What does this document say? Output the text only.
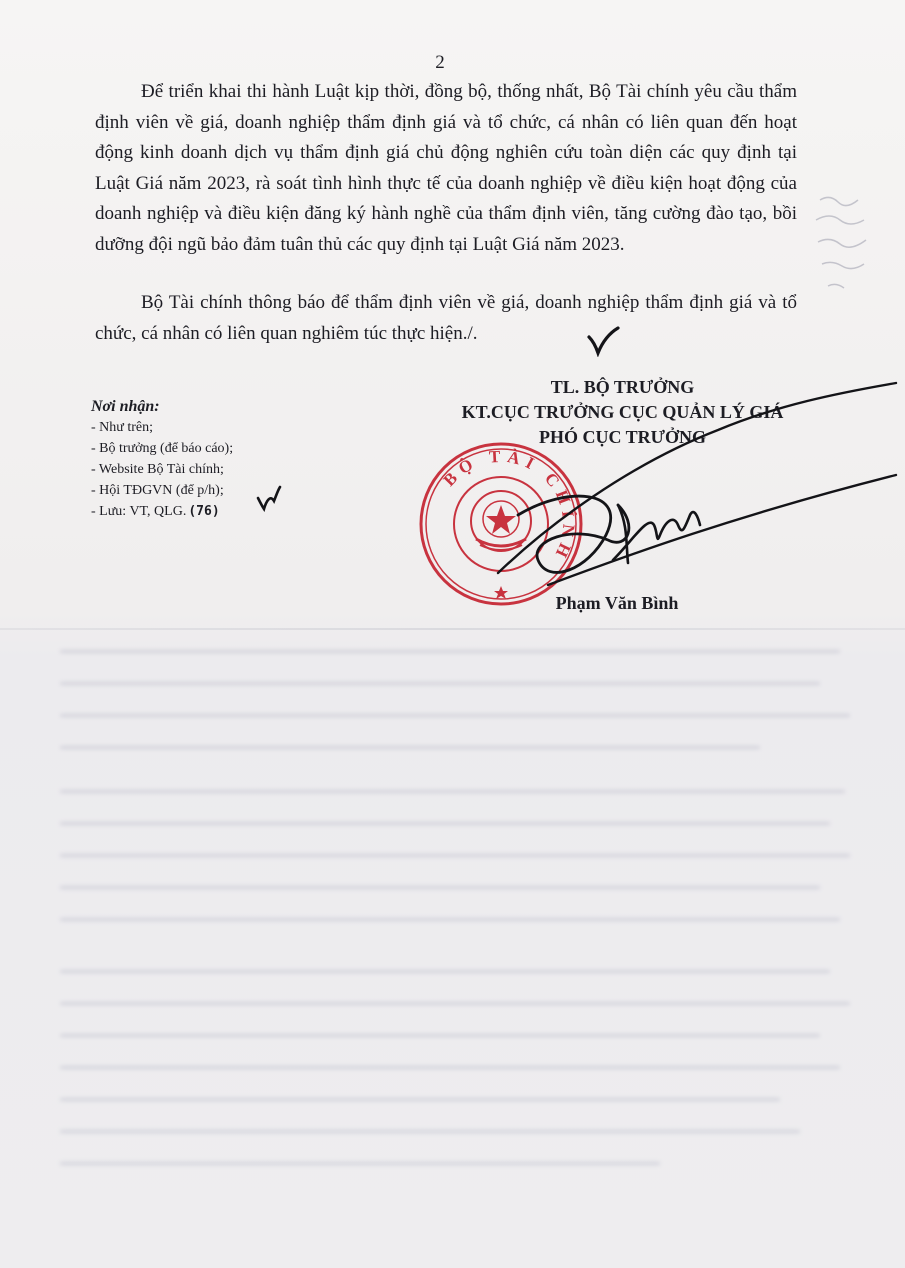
2

Để triển khai thi hành Luật kịp thời, đồng bộ, thống nhất, Bộ Tài chính yêu cầu thẩm định viên về giá, doanh nghiệp thẩm định giá và tổ chức, cá nhân có liên quan đến hoạt động kinh doanh dịch vụ thẩm định giá chủ động nghiên cứu toàn diện các quy định tại Luật Giá năm 2023, rà soát tình hình thực tế của doanh nghiệp về điều kiện hoạt động của doanh nghiệp và điều kiện đăng ký hành nghề của thẩm định viên, tăng cường đào tạo, bồi dưỡng đội ngũ bảo đảm tuân thủ các quy định tại Luật Giá năm 2023.

Bộ Tài chính thông báo để thẩm định viên về giá, doanh nghiệp thẩm định giá và tổ chức, cá nhân có liên quan nghiêm túc thực hiện./.

Nơi nhận:
- Như trên;
- Bộ trưởng (để báo cáo);
- Website Bộ Tài chính;
- Hội TĐGVN (để p/h);
- Lưu: VT, QLG. (76)
BỘ TÀI CHÍNH
TL. BỘ TRƯỞNG
KT.CỤC TRƯỞNG CỤC QUẢN LÝ GIÁ
PHÓ CỤC TRƯỞNG
Phạm Văn Bình
